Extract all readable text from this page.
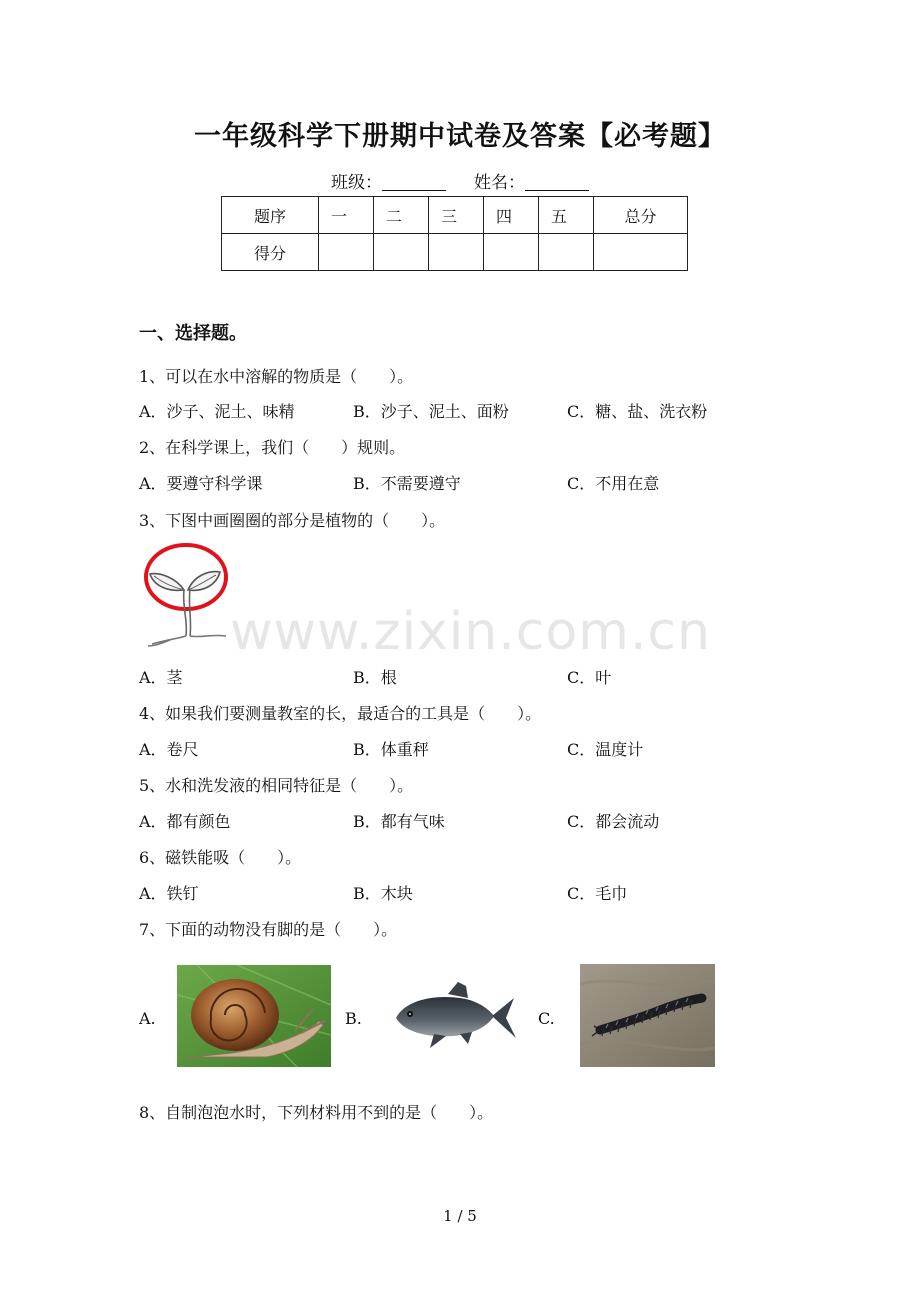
一年级科学下册期中试卷及答案【必考题】
班级：	姓名：
题序	一	二	三	四	五	总分
得分						
一、选择题。
1、可以在水中溶解的物质是（　　）。
A．沙子、泥土、味精	B．沙子、泥土、面粉	C．糖、盐、洗衣粉
2、在科学课上，我们（　　）规则。
A．要遵守科学课	B．不需要遵守	C．不用在意
3、下图中画圈圈的部分是植物的（　　）。
www.zixin.com.cn
A．茎	B．根	C．叶
4、如果我们要测量教室的长，最适合的工具是（　　）。
A．卷尺	B．体重秤	C．温度计
5、水和洗发液的相同特征是（　　）。
A．都有颜色	B．都有气味	C．都会流动
6、磁铁能吸（　　）。
A．铁钉	B．木块	C．毛巾
7、下面的动物没有脚的是（　　）。
A.	B.	C.
8、自制泡泡水时，下列材料用不到的是（　　）。
1 / 5
